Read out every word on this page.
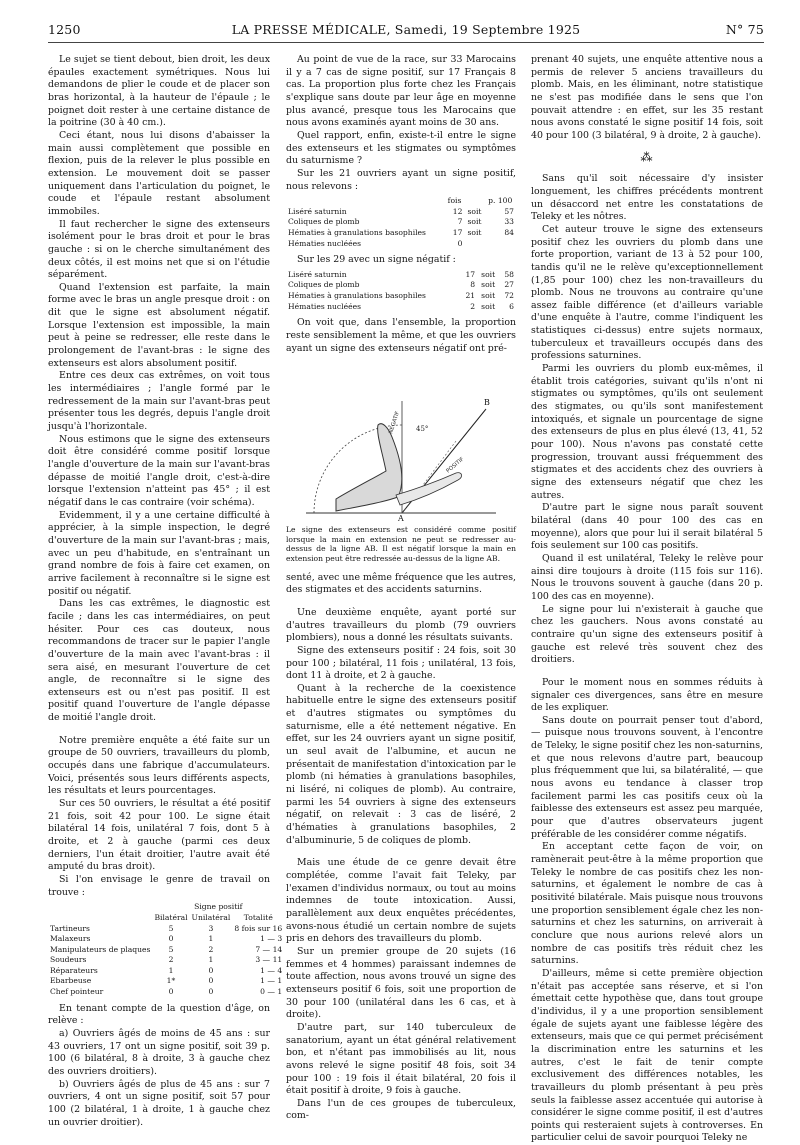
1250	LA PRESSE MÉDICALE, Samedi, 19 Septembre 1925	N° 75

Le sujet se tient debout, bien droit, les deux épaules exactement symétriques. Nous lui demandons de plier le coude et de placer son bras horizontal, à la hauteur de l'épaule ; le poignet doit rester à une certaine distance de la poitrine (30 à 40 cm.).

Ceci étant, nous lui disons d'abaisser la main aussi complètement que possible en flexion, puis de la relever le plus possible en extension. Le mouvement doit se passer uniquement dans l'articulation du poignet, le coude et l'épaule restant absolument immobiles.

Il faut rechercher le signe des extenseurs isolément pour le bras droit et pour le bras gauche : si on le cherche simultanément des deux côtés, il est moins net que si on l'étudie séparément.

Quand l'extension est parfaite, la main forme avec le bras un angle presque droit : on dit que le signe est absolument négatif. Lorsque l'extension est impossible, la main peut à peine se redresser, elle reste dans le prolongement de l'avant-bras : le signe des extenseurs est alors absolument positif.

Entre ces deux cas extrêmes, on voit tous les intermédiaires ; l'angle formé par le redressement de la main sur l'avant-bras peut présenter tous les degrés, depuis l'angle droit jusqu'à l'horizontale.

Nous estimons que le signe des extenseurs doit être considéré comme positif lorsque l'angle d'ouverture de la main sur l'avant-bras dépasse de moitié l'angle droit, c'est-à-dire lorsque l'extension n'atteint pas 45° ; il est négatif dans le cas contraire (voir schéma).

Evidemment, il y a une certaine difficulté à apprécier, à la simple inspection, le degré d'ouverture de la main sur l'avant-bras ; mais, avec un peu d'habitude, en s'entraînant un grand nombre de fois à faire cet examen, on arrive facilement à reconnaître si le signe est positif ou négatif.

Dans les cas extrêmes, le diagnostic est facile ; dans les cas intermédiaires, on peut hésiter. Pour ces cas douteux, nous recommandons de tracer sur le papier l'angle d'ouverture de la main avec l'avant-bras : il sera aisé, en mesurant l'ouverture de cet angle, de reconnaître si le signe des extenseurs est ou n'est pas positif. Il est positif quand l'ouverture de l'angle dépasse de moitié l'angle droit.

Notre première enquête a été faite sur un groupe de 50 ouvriers, travailleurs du plomb, occupés dans une fabrique d'accumulateurs. Voici, présentés sous leurs différents aspects, les résultats et leurs pourcentages.

Sur ces 50 ouvriers, le résultat a été positif 21 fois, soit 42 pour 100. Le signe était bilatéral 14 fois, unilatéral 7 fois, dont 5 à droite, et 2 à gauche (parmi ces deux derniers, l'un était droitier, l'autre avait été amputé du bras droit).

Si l'on envisage le genre de travail on trouve :

	Signe positif		
	Bilatéral	Unilatéral	Totalité
Tartineurs	5	3	8 fois sur 16
Malaxeurs	0	1	1 — 3
Manipulateurs de plaques	5	2	7 — 14
Soudeurs	2	1	3 — 11
Réparateurs	1	0	1 — 4
Ebarbeuse	1*	0	1 — 1
Chef pointeur	0	0	0 — 1

En tenant compte de la question d'âge, on relève :

a) Ouvriers âgés de moins de 45 ans : sur 43 ouvriers, 17 ont un signe positif, soit 39 p. 100 (6 bilatéral, 8 à droite, 3 à gauche chez des ouvriers droitiers).

b) Ouvriers âgés de plus de 45 ans : sur 7 ouvriers, 4 ont un signe positif, soit 57 pour 100 (2 bilatéral, 1 à droite, 1 à gauche chez un ouvrier droitier).

Au point de vue de la race, sur 33 Marocains il y a 7 cas de signe positif, sur 17 Français 8 cas. La proportion plus forte chez les Français s'explique sans doute par leur âge en moyenne plus avancé, presque tous les Marocains que nous avons examinés ayant moins de 30 ans.

Quel rapport, enfin, existe-t-il entre le signe des extenseurs et les stigmates ou symptômes du saturnisme ?

Sur les 21 ouvriers ayant un signe positif, nous relevons :

	fois		p. 100
Liséré saturnin	12	soit	57
Coliques de plomb	7	soit	33
Hématies à granulations basophiles	17	soit	84
Hématies nucléées	0		

Sur les 29 avec un signe négatif :

Liséré saturnin	17	soit	58
Coliques de plomb	8	soit	27
Hématies à granulations basophiles	21	soit	72
Hématies nucléées	2	soit	6

On voit que, dans l'ensemble, la proportion reste sensiblement la même, et que les ouvriers ayant un signe des extenseurs négatif ont pré-

NEGATIF
POSITIF
45°
A
B
Le signe des extenseurs est considéré comme positif lorsque la main en extension ne peut se redresser au-dessus de la ligne AB. Il est négatif lorsque la main en extension peut être redressée au-dessus de la ligne AB.

senté, avec une même fréquence que les autres, des stigmates et des accidents saturnins.

Une deuxième enquête, ayant porté sur d'autres travailleurs du plomb (79 ouvriers plombiers), nous a donné les résultats suivants.

Signe des extenseurs positif : 24 fois, soit 30 pour 100 ; bilatéral, 11 fois ; unilatéral, 13 fois, dont 11 à droite, et 2 à gauche.

Quant à la recherche de la coexistence habituelle entre le signe des extenseurs positif et d'autres stigmates ou symptômes du saturnisme, elle a été nettement négative. En effet, sur les 24 ouvriers ayant un signe positif, un seul avait de l'albumine, et aucun ne présentait de manifestation d'intoxication par le plomb (ni hématies à granulations basophiles, ni liséré, ni coliques de plomb). Au contraire, parmi les 54 ouvriers à signe des extenseurs négatif, on relevait : 3 cas de liséré, 2 d'hématies à granulations basophiles, 2 d'albuminurie, 5 de coliques de plomb.

Mais une étude de ce genre devait être complétée, comme l'avait fait Teleky, par l'examen d'individus normaux, ou tout au moins indemnes de toute intoxication. Aussi, parallèlement aux deux enquêtes précédentes, avons-nous étudié un certain nombre de sujets pris en dehors des travailleurs du plomb.

Sur un premier groupe de 20 sujets (16 femmes et 4 hommes) paraissant indemnes de toute affection, nous avons trouvé un signe des extenseurs positif 6 fois, soit une proportion de 30 pour 100 (unilatéral dans les 6 cas, et à droite).

D'autre part, sur 140 tuberculeux de sanatorium, ayant un état général relativement bon, et n'étant pas immobilisés au lit, nous avons relevé le signe positif 48 fois, soit 34 pour 100 : 19 fois il était bilatéral, 20 fois il était positif à droite, 9 fois à gauche.

Dans l'un de ces groupes de tuberculeux, com-

prenant 40 sujets, une enquête attentive nous a permis de relever 5 anciens travailleurs du plomb. Mais, en les éliminant, notre statistique ne s'est pas modifiée dans le sens que l'on pouvait attendre : en effet, sur les 35 restant nous avons constaté le signe positif 14 fois, soit 40 pour 100 (3 bilatéral, 9 à droite, 2 à gauche).

⁂

Sans qu'il soit nécessaire d'y insister longuement, les chiffres précédents montrent un désaccord net entre les constatations de Teleky et les nôtres.

Cet auteur trouve le signe des extenseurs positif chez les ouvriers du plomb dans une forte proportion, variant de 13 à 52 pour 100, tandis qu'il ne le relève qu'exceptionnellement (1,85 pour 100) chez les non-travailleurs du plomb. Nous ne trouvons au contraire qu'une assez faible différence (et d'ailleurs variable d'une enquête à l'autre, comme l'indiquent les statistiques ci-dessus) entre sujets normaux, tuberculeux et travailleurs occupés dans des professions saturnines.

Parmi les ouvriers du plomb eux-mêmes, il établit trois catégories, suivant qu'ils n'ont ni stigmates ou symptômes, qu'ils ont seulement des stigmates, ou qu'ils sont manifestement intoxiqués, et signale un pourcentage de signe des extenseurs de plus en plus élevé (13, 41, 52 pour 100). Nous n'avons pas constaté cette progression, trouvant aussi fréquemment des stigmates et des accidents chez des ouvriers à signe des extenseurs négatif que chez les autres.

D'autre part le signe nous paraît souvent bilatéral (dans 40 pour 100 des cas en moyenne), alors que pour lui il serait bilatéral 5 fois seulement sur 100 cas positifs.

Quand il est unilatéral, Teleky le relève pour ainsi dire toujours à droite (115 fois sur 116). Nous le trouvons souvent à gauche (dans 20 p. 100 des cas en moyenne).

Le signe pour lui n'existerait à gauche que chez les gauchers. Nous avons constaté au contraire qu'un signe des extenseurs positif à gauche est relevé très souvent chez des droitiers.

Pour le moment nous en sommes réduits à signaler ces divergences, sans être en mesure de les expliquer.

Sans doute on pourrait penser tout d'abord, — puisque nous trouvons souvent, à l'encontre de Teleky, le signe positif chez les non-saturnins, et que nous relevons d'autre part, beaucoup plus fréquemment que lui, sa bilatéralité, — que nous avons eu tendance à classer trop facilement parmi les cas positifs ceux où la faiblesse des extenseurs est assez peu marquée, pour que d'autres observateurs jugent préférable de les considérer comme négatifs.

En acceptant cette façon de voir, on ramènerait peut-être à la même proportion que Teleky le nombre de cas positifs chez les non-saturnins, et également le nombre de cas à positivité bilatérale. Mais puisque nous trouvons une proportion sensiblement égale chez les non-saturnins et chez les saturnins, on arriverait à conclure que nous aurions relevé alors un nombre de cas positifs très réduit chez les saturnins.

D'ailleurs, même si cette première objection n'était pas acceptée sans réserve, et si l'on émettait cette hypothèse que, dans tout groupe d'individus, il y a une proportion sensiblement égale de sujets ayant une faiblesse légère des extenseurs, mais que ce qui permet précisément la discrimination entre les saturnins et les autres, c'est le fait de tenir compte exclusivement des différences notables, les travailleurs du plomb présentant à peu près seuls la faiblesse assez accentuée qui autorise à considérer le signe comme positif, il est d'autres points qui resteraient sujets à controverses. En particulier celui de savoir pourquoi Teleky ne
